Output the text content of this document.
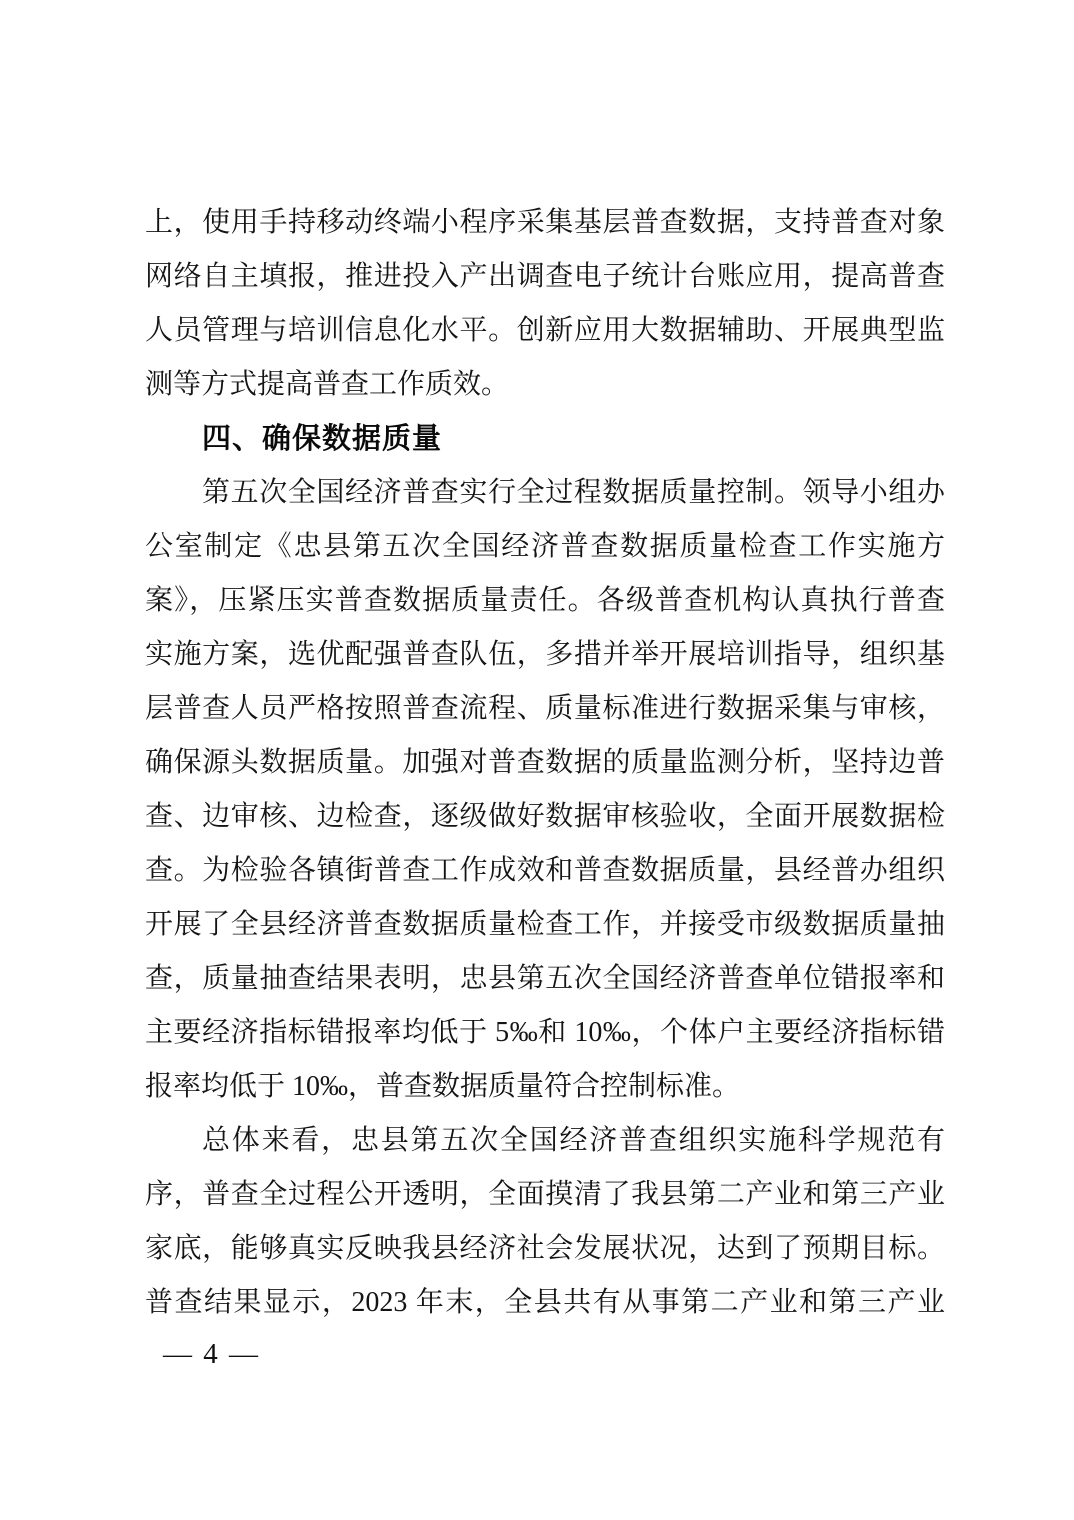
上，使用手持移动终端小程序采集基层普查数据，支持普查对象
网络自主填报，推进投入产出调查电子统计台账应用，提高普查
人员管理与培训信息化水平。创新应用大数据辅助、开展典型监
测等方式提高普查工作质效。
四、确保数据质量
第五次全国经济普查实行全过程数据质量控制。领导小组办
公室制定《忠县第五次全国经济普查数据质量检查工作实施方
案》，压紧压实普查数据质量责任。各级普查机构认真执行普查
实施方案，选优配强普查队伍，多措并举开展培训指导，组织基
层普查人员严格按照普查流程、质量标准进行数据采集与审核，
确保源头数据质量。加强对普查数据的质量监测分析，坚持边普
查、边审核、边检查，逐级做好数据审核验收，全面开展数据检
查。为检验各镇街普查工作成效和普查数据质量，县经普办组织
开展了全县经济普查数据质量检查工作，并接受市级数据质量抽
查，质量抽查结果表明，忠县第五次全国经济普查单位错报率和
主要经济指标错报率均低于 5‰和 10‰，个体户主要经济指标错
报率均低于 10‰，普查数据质量符合控制标准。
总体来看，忠县第五次全国经济普查组织实施科学规范有
序，普查全过程公开透明，全面摸清了我县第二产业和第三产业
家底，能够真实反映我县经济社会发展状况，达到了预期目标。
普查结果显示，2023 年末，全县共有从事第二产业和第三产业
— 4 —
